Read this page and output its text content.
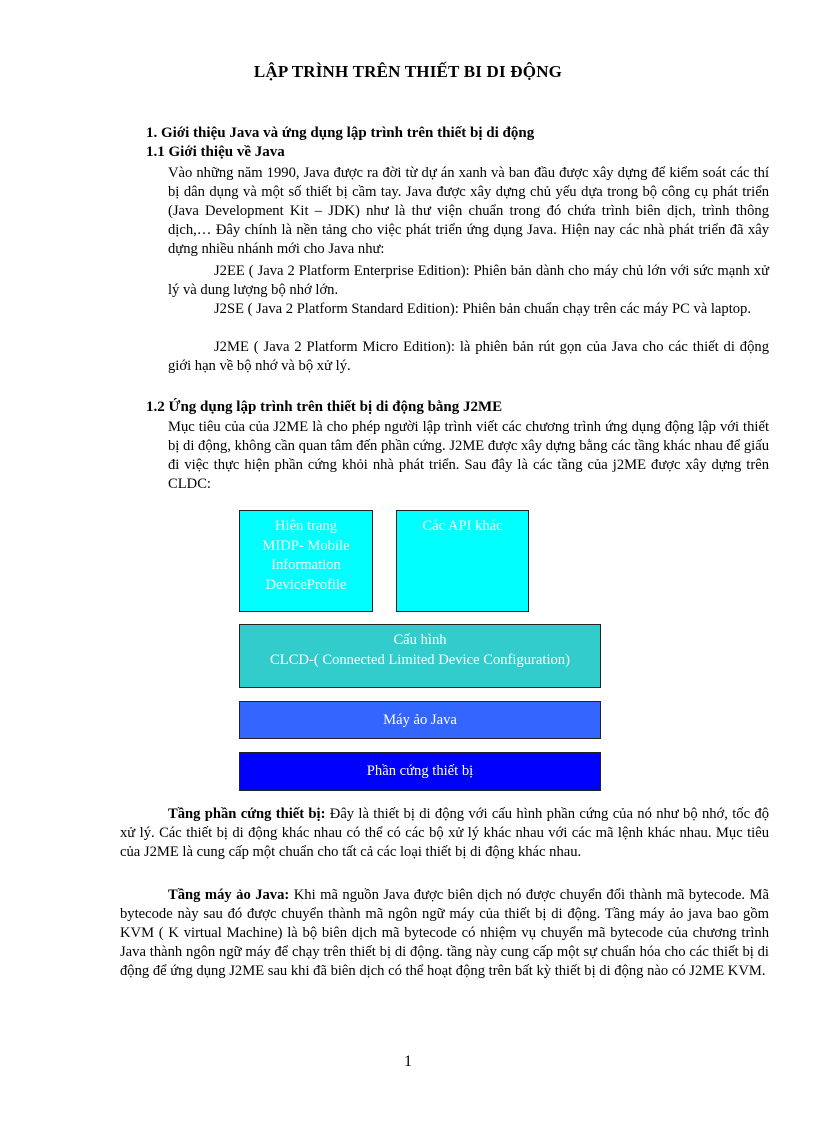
LẬP TRÌNH TRÊN THIẾT BI DI ĐỘNG
1. Giới thiệu Java và ứng dụng lập trình trên thiết bị di động
1.1 Giới thiệu về Java
Vào những năm 1990, Java được ra đời từ dự án xanh và ban đầu được xây dựng để kiểm soát các thí bị dân dụng và một số thiết bị cầm tay. Java được xây dựng chủ yếu dựa trong bộ công cụ phát triển (Java Development Kit – JDK) như là thư viện chuẩn trong đó chứa trình biên dịch, trình thông dịch,… Đây chính là nền tảng cho việc phát triển ứng dụng Java. Hiện nay các nhà phát triển đã xây dựng nhiều nhánh mới cho Java như:
J2EE ( Java 2 Platform Enterprise Edition): Phiên bản dành cho máy chủ lớn với sức mạnh xử lý và dung lượng bộ nhớ lớn.
J2SE ( Java 2 Platform Standard Edition): Phiên bản chuẩn chạy trên các máy PC và laptop.
J2ME ( Java 2 Platform Micro Edition): là phiên bản rút gọn của Java cho các thiết di động giới hạn về bộ nhớ và bộ xử lý.
1.2 Ứng dụng lập trình trên thiết bị di động bằng J2ME
Mục tiêu của của J2ME là cho phép người lập trình viết các chương trình ứng dụng động lập với thiết bị di động, không cần quan tâm đến phần cứng. J2ME được xây dựng bằng các tầng khác nhau để giấu đi việc thực hiện phần cứng khỏi nhà phát triển. Sau đây là các tầng của j2ME được xây dựng trên CLDC:
Hiện trạng
MIDP- Mobile
Information
DeviceProfile
Các API khác
Cấu hình
CLCD-( Connected Limited Device Configuration)
Máy ảo Java
Phần cứng thiết bị
Tầng phần cứng thiết bị: Đây là thiết bị di động với cấu hình phần cứng của nó như bộ nhớ, tốc độ xử lý. Các thiết bị di động khác nhau có thể có các bộ xử lý khác nhau với các mã lệnh khác nhau. Mục tiêu của J2ME là cung cấp một chuẩn cho tất cả các loại thiết bị di động khác nhau.
Tầng máy ảo Java: Khi mã nguồn Java được biên dịch nó được chuyển đổi thành mã bytecode. Mã bytecode này sau đó được chuyển thành mã ngôn ngữ máy của thiết bị di động. Tầng máy ảo java bao gồm KVM ( K virtual Machine) là bộ biên dịch mã bytecode có nhiệm vụ chuyển mã bytecode của chương trình Java thành ngôn ngữ máy để chạy trên thiết bị di động. tầng này cung cấp một sự chuẩn hóa cho các thiết bị di động để ứng dụng J2ME sau khi đã biên dịch có thể hoạt động trên bất kỳ thiết bị di động nào có J2ME KVM.
1
